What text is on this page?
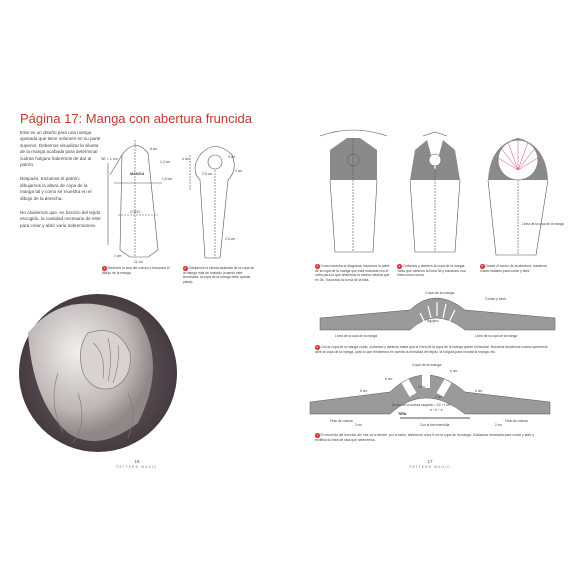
Página 17: Manga con abertura fruncida

Este es un diseño para una manga ajustada que tiene volumen en su parte superior. Debemos visualizar la silueta de la manga acabada para determinar cuánta holgura habremos de dar al patrón.

Después, trazamos el patrón: dibujamos la altura de copa de la manga tal y como se muestra en el dibujo de la derecha.

No olvidemos que, en función del tejido escogido, la cantidad necesaria de este para crear y abrir varía sobremanera.

SE = 1 cm
MANGA
8 cm
1,2 cm
1,5 cm
CODO
1 cm
11 cm
4 cm
2,5 cm
3 cm
2 cm
2,5 cm
1 Medimos la sisa del cuerpo y trazamos el dibujo de la manga.
2 Dibujamos la silueta acabada de la copa de la manga más de costado (cuando esté terminada, la copa de la manga debe quedar plana).
16
PATTERN MAGIC
Línea de la copa de la manga
3 Como muestra el diagrama, trazamos la parte de la copa de la manga que está marcada con el ovillo para lo que añadimos la misma medida que en 3b. Trazamos la curva de la sisa.
4 Cortamos y abrimos la copa de la manga. Tanto que abrimos la línea 3b y trazamos una línea como nueva.
5 Desde el centro de la abertura, trazamos líneas radiales para cortar y abrir.
Copa de la manga
Cortar y abrir
Agujero
Línea de la copa de la manga	Línea de la copa de la manga
6 Con la copa de la manga unida, cortamos y abrimos hasta que la línea de la copa de la manga quede horizontal. Nosotros decidimos cuánto queremos abrir la copa de la manga, para lo que tendremos en cuenta la densidad del tejido, la holgura para montar la manga, etc.
Copa de la manga
6 cm
6 cm
6 cm	6 cm
3 cm
2 cm
Ancho de la costura cargada = 1/2 +1 cm
a ÷ b ÷ a
TIRA
Final de costura	Final de costura
2 cm	2 cm
Con la tira extendida
7 El recorrido del fruncido ahí nos va a hender, por lo tanto, abriremos unos 5 cm la copa de la manga. Doblamos necesaria para cortar y abrir y rectifica la línea de sisa que obtenemos.
17
PATTERN MAGIC
